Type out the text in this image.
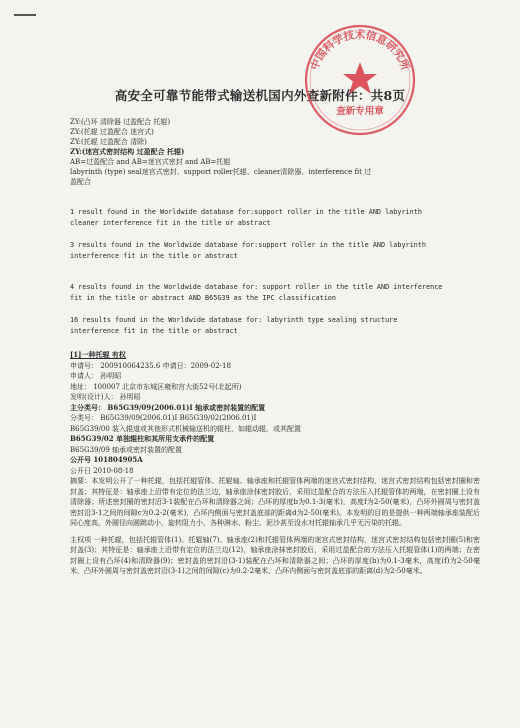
高安全可靠节能带式输送机国内外查新附件：共8页
中国科学技术信息研究所
查新专用章
ZY:(凸环 清除器 过盈配合 托辊)
ZY:(托辊 过盈配合 迷宫式)
ZY:(托辊 过盈配合 清除)
ZY:(迷宫式密封结构 过盈配合 托辊)
AB=过盈配合 and AB=迷宫式密封 and AB=托辊
labyrinth (type) seal迷宫式密封、support roller托辊、cleaner清除器、interference fit 过
盈配合
1 result found in the Worldwide database for:support roller in the title AND labyrinth
cleaner interference fit in the title or abstract
3 results found in the Worldwide database for:support roller in the title AND labyrinth
interference fit in the title or abstract
4 results found in the Worldwide database for: support roller in the title AND interference
fit in the title or abstract AND B65G39 as the IPC classification
16 results found in the Worldwide database for: labyrinth type sealing structure
interference fit in the title or abstract
[1]一种托辊 有权
申请号： 200910064235.6 申请日：2009-02-18
申请人： 孙明昭
地址： 100007 北京市东城区雍和宫大街52号(北起所)
发明(设计)人： 孙明昭
主分类号： B65G39/09(2006.01)I 轴承或密封装置的配置
分类号： B65G39/09(2006.01)I B65G39/02(2006.01)I
B65G39/00 装入辊道或其他形式机械输送机的辊柱，如辊动辊，或其配置
B65G39/02 单独辊柱和其所用支承件的配置
B65G39/09 轴承或密封装置的配置
公开号 101804905A
公开日 2010-08-18
摘要：本发明公开了一种托辊，包括托辊管体、托辊轴、轴承座和托辊管体两端的迷宫式密封结构，迷宫式密封结构包括密封圈和密封盖；其特征是：轴承座上沿带有定位的法兰边，轴承座涂抹密封胶后，采用过盈配合的方法压入托辊管体的两端，在密封圈上设有清除器；所述密封圈的密封沿3-1装配在凸环和清除器之间；凸环的厚度b为0.1-3(毫米)，高度f为2-50(毫米)，凸环外圆周与密封盖密封沿3-1之间的间隙c为0.2-2(毫米)，凸环内侧面与密封盖底部的距离d为2-50(毫米)。本发明的目的是提供一种两端轴承座装配后同心度高，外圆径向圆跳动小，旋转阻力小，各种淋水、粉尘、泥沙甚至没水对托辊轴承几乎无污染的托辊。
主权项 一种托辊，包括托辊管体(1)、托辊轴(7)、轴承座(2)和托辊管体两端的迷宫式密封结构，迷宫式密封结构包括密封圈(5)和密封盖(3)；其特征是：轴承座上沿带有定位的法兰边(12)，轴承座涂抹密封胶后，采用过盈配合的方法压入托辊管体(1)的两端；在密封圈上设有凸环(4)和清除器(9)；密封盖的密封沿(3-1)装配在凸环和清除器之间；凸环的厚度(b)为0.1-3毫米，高度(f)为2-50毫米，凸环外圆周与密封盖密封沿(3-1)之间的间隙(c)为0.2-2毫米，凸环内侧面与密封盖底部的距离(d)为2-50毫米。
